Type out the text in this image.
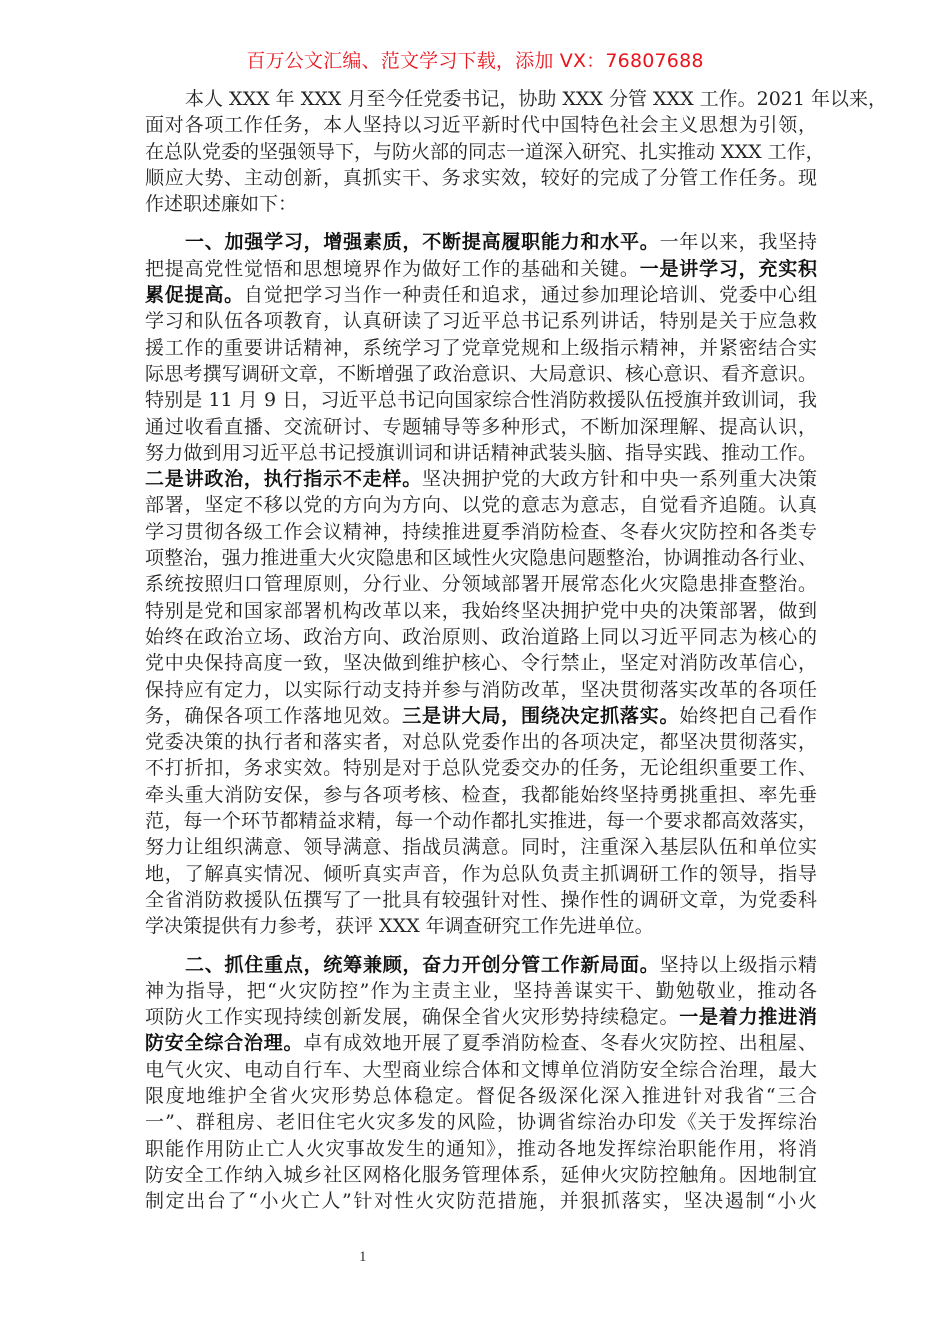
百万公文汇编、范文学习下载，添加 VX：76807688
本人 XXX 年 XXX 月至今任党委书记，协助 XXX 分管 XXX 工作。2021 年以来，
面对各项工作任务，本人坚持以习近平新时代中国特色社会主义思想为引领，
在总队党委的坚强领导下，与防火部的同志一道深入研究、扎实推动 XXX 工作，
顺应大势、主动创新，真抓实干、务求实效，较好的完成了分管工作任务。现
作述职述廉如下：
一、加强学习，增强素质，不断提高履职能力和水平。一年以来，我坚持
把提高党性觉悟和思想境界作为做好工作的基础和关键。一是讲学习，充实积
累促提高。自觉把学习当作一种责任和追求，通过参加理论培训、党委中心组
学习和队伍各项教育，认真研读了习近平总书记系列讲话，特别是关于应急救
援工作的重要讲话精神，系统学习了党章党规和上级指示精神，并紧密结合实
际思考撰写调研文章，不断增强了政治意识、大局意识、核心意识、看齐意识。
特别是 11 月 9 日，习近平总书记向国家综合性消防救援队伍授旗并致训词，我
通过收看直播、交流研讨、专题辅导等多种形式，不断加深理解、提高认识，
努力做到用习近平总书记授旗训词和讲话精神武装头脑、指导实践、推动工作。
二是讲政治，执行指示不走样。坚决拥护党的大政方针和中央一系列重大决策
部署，坚定不移以党的方向为方向、以党的意志为意志，自觉看齐追随。认真
学习贯彻各级工作会议精神，持续推进夏季消防检查、冬春火灾防控和各类专
项整治，强力推进重大火灾隐患和区域性火灾隐患问题整治，协调推动各行业、
系统按照归口管理原则，分行业、分领域部署开展常态化火灾隐患排查整治。
特别是党和国家部署机构改革以来，我始终坚决拥护党中央的决策部署，做到
始终在政治立场、政治方向、政治原则、政治道路上同以习近平同志为核心的
党中央保持高度一致，坚决做到维护核心、令行禁止，坚定对消防改革信心，
保持应有定力，以实际行动支持并参与消防改革，坚决贯彻落实改革的各项任
务，确保各项工作落地见效。三是讲大局，围绕决定抓落实。始终把自己看作
党委决策的执行者和落实者，对总队党委作出的各项决定，都坚决贯彻落实，
不打折扣，务求实效。特别是对于总队党委交办的任务，无论组织重要工作、
牵头重大消防安保，参与各项考核、检查，我都能始终坚持勇挑重担、率先垂
范，每一个环节都精益求精，每一个动作都扎实推进，每一个要求都高效落实，
努力让组织满意、领导满意、指战员满意。同时，注重深入基层队伍和单位实
地，了解真实情况、倾听真实声音，作为总队负责主抓调研工作的领导，指导
全省消防救援队伍撰写了一批具有较强针对性、操作性的调研文章，为党委科
学决策提供有力参考，获评 XXX 年调查研究工作先进单位。
二、抓住重点，统筹兼顾，奋力开创分管工作新局面。坚持以上级指示精
神为指导，把“火灾防控”作为主责主业，坚持善谋实干、勤勉敬业，推动各
项防火工作实现持续创新发展，确保全省火灾形势持续稳定。一是着力推进消
防安全综合治理。卓有成效地开展了夏季消防检查、冬春火灾防控、出租屋、
电气火灾、电动自行车、大型商业综合体和文博单位消防安全综合治理，最大
限度地维护全省火灾形势总体稳定。督促各级深化深入推进针对我省“三合
一”、群租房、老旧住宅火灾多发的风险，协调省综治办印发《关于发挥综治
职能作用防止亡人火灾事故发生的通知》，推动各地发挥综治职能作用，将消
防安全工作纳入城乡社区网格化服务管理体系，延伸火灾防控触角。因地制宜
制定出台了“小火亡人”针对性火灾防范措施，并狠抓落实，坚决遏制“小火
1
